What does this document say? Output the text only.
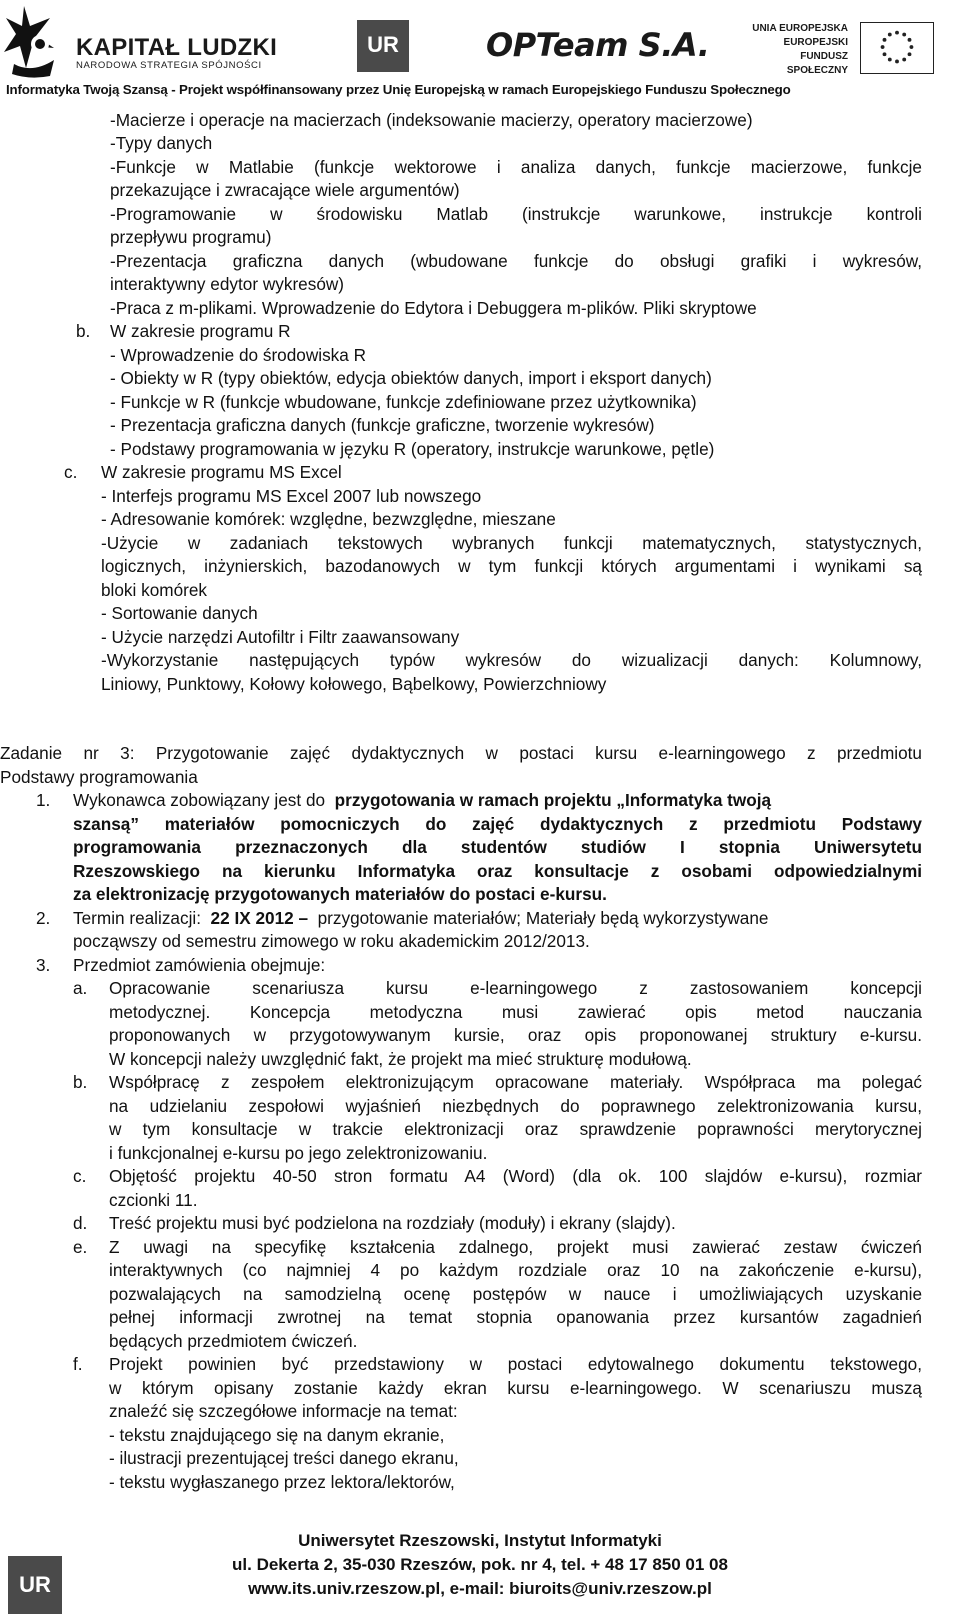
KAPITAŁ LUDZKI
NARODOWA STRATEGIA SPÓJNOŚCI
UR	OPTeam S.A.	UNIA EUROPEJSKA
EUROPEJSKI
FUNDUSZ SPOŁECZNY
Informatyka Twoją Szansą - Projekt współfinansowany przez Unię Europejską w ramach Europejskiego Funduszu Społecznego
-Macierze i operacje na macierzach (indeksowanie macierzy, operatory macierzowe)
-Typy danych
-Funkcje w Matlabie (funkcje wektorowe i analiza danych, funkcje macierzowe, funkcje
przekazujące i zwracające wiele argumentów)
-Programowanie w środowisku Matlab (instrukcje warunkowe, instrukcje kontroli
przepływu programu)
-Prezentacja graficzna danych (wbudowane funkcje do obsługi grafiki i wykresów,
interaktywny edytor wykresów)
-Praca z m-plikami. Wprowadzenie do Edytora i Debuggera m-plików. Pliki skryptowe
b. W zakresie programu R
- Wprowadzenie do środowiska R
- Obiekty w R (typy obiektów, edycja obiektów danych, import i eksport danych)
- Funkcje w R (funkcje wbudowane, funkcje zdefiniowane przez użytkownika)
- Prezentacja graficzna danych (funkcje graficzne, tworzenie wykresów)
- Podstawy programowania w języku R (operatory, instrukcje warunkowe, pętle)
c. W zakresie programu MS Excel
- Interfejs programu MS Excel 2007 lub nowszego
- Adresowanie komórek: względne, bezwzględne, mieszane
-Użycie w zadaniach tekstowych wybranych funkcji matematycznych, statystycznych,
logicznych, inżynierskich, bazodanowych w tym funkcji których argumentami i wynikami są
bloki komórek
- Sortowanie danych
- Użycie narzędzi Autofiltr i Filtr zaawansowany
-Wykorzystanie następujących typów wykresów do wizualizacji danych: Kolumnowy,
Liniowy, Punktowy, Kołowy kołowego, Bąbelkowy, Powierzchniowy
Zadanie nr 3: Przygotowanie zajęć dydaktycznych w postaci kursu e-learningowego z przedmiotu
Podstawy programowania
1. Wykonawca zobowiązany jest do przygotowania w ramach projektu „Informatyka twoją
szansą” materiałów pomocniczych do zajęć dydaktycznych z przedmiotu Podstawy
programowania przeznaczonych dla studentów studiów I stopnia Uniwersytetu
Rzeszowskiego na kierunku Informatyka oraz konsultacje z osobami odpowiedzialnymi
za elektronizację przygotowanych materiałów do postaci e-kursu.
2. Termin realizacji: 22 IX 2012 – przygotowanie materiałów; Materiały będą wykorzystywane
począwszy od semestru zimowego w roku akademickim 2012/2013.
3. Przedmiot zamówienia obejmuje:
a. Opracowanie scenariusza kursu e-learningowego z zastosowaniem koncepcji
metodycznej. Koncepcja metodyczna musi zawierać opis metod nauczania
proponowanych w przygotowywanym kursie, oraz opis proponowanej struktury e-kursu.
W koncepcji należy uwzględnić fakt, że projekt ma mieć strukturę modułową.
b. Współpracę z zespołem elektronizującym opracowane materiały. Współpraca ma polegać
na udzielaniu zespołowi wyjaśnień niezbędnych do poprawnego zelektronizowania kursu,
w tym konsultacje w trakcie elektronizacji oraz sprawdzenie poprawności merytorycznej
i funkcjonalnej e-kursu po jego zelektronizowaniu.
c. Objętość projektu 40-50 stron formatu A4 (Word) (dla ok. 100 slajdów e-kursu), rozmiar
czcionki 11.
d. Treść projektu musi być podzielona na rozdziały (moduły) i ekrany (slajdy).
e. Z uwagi na specyfikę kształcenia zdalnego, projekt musi zawierać zestaw ćwiczeń
interaktywnych (co najmniej 4 po każdym rozdziale oraz 10 na zakończenie e-kursu),
pozwalających na samodzielną ocenę postępów w nauce i umożliwiających uzyskanie
pełnej informacji zwrotnej na temat stopnia opanowania przez kursantów zagadnień
będących przedmiotem ćwiczeń.
f. Projekt powinien być przedstawiony w postaci edytowalnego dokumentu tekstowego,
w którym opisany zostanie każdy ekran kursu e-learningowego. W scenariuszu muszą
znaleźć się szczegółowe informacje na temat:
- tekstu znajdującego się na danym ekranie,
- ilustracji prezentującej treści danego ekranu,
- tekstu wygłaszanego przez lektora/lektorów,
UR
Uniwersytet Rzeszowski, Instytut Informatyki
ul. Dekerta 2, 35-030 Rzeszów, pok. nr 4, tel. + 48 17 850 01 08
www.its.univ.rzeszow.pl, e-mail: biuroits@univ.rzeszow.pl
